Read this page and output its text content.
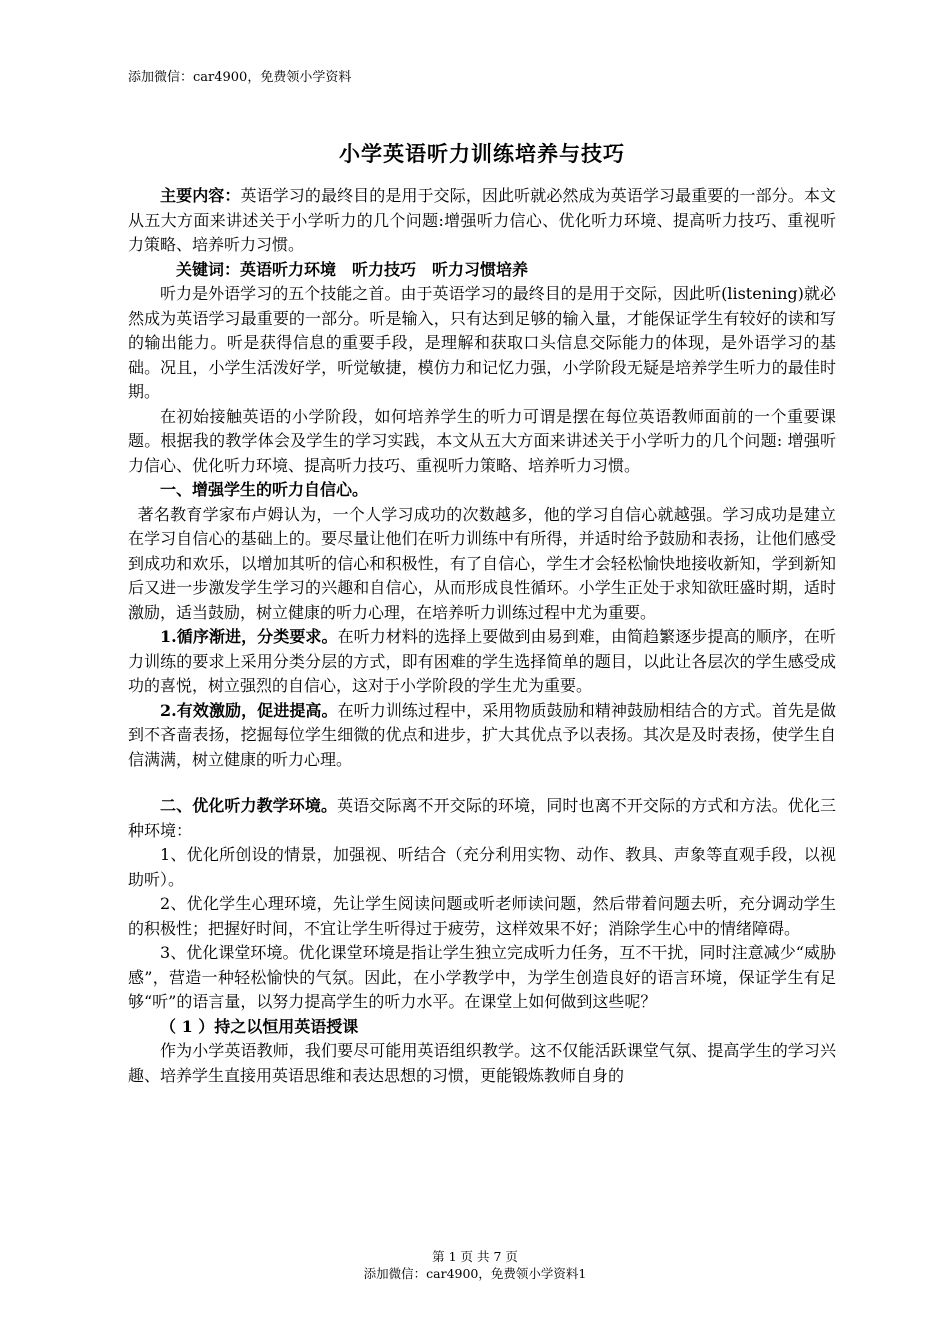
添加微信：car4900，免费领小学资料
小学英语听力训练培养与技巧

主要内容：英语学习的最终目的是用于交际，因此听就必然成为英语学习最重要的一部分。本文从五大方面来讲述关于小学听力的几个问题:增强听力信心、优化听力环境、提高听力技巧、重视听力策略、培养听力习惯。

关键词：英语听力环境　听力技巧　听力习惯培养

听力是外语学习的五个技能之首。由于英语学习的最终目的是用于交际，因此听(listening)就必然成为英语学习最重要的一部分。听是输入，只有达到足够的输入量，才能保证学生有较好的读和写的输出能力。听是获得信息的重要手段，是理解和获取口头信息交际能力的体现，是外语学习的基础。况且，小学生活泼好学，听觉敏捷，模仿力和记忆力强，小学阶段无疑是培养学生听力的最佳时期。

在初始接触英语的小学阶段，如何培养学生的听力可谓是摆在每位英语教师面前的一个重要课题。根据我的教学体会及学生的学习实践，本文从五大方面来讲述关于小学听力的几个问题: 增强听力信心、优化听力环境、提高听力技巧、重视听力策略、培养听力习惯。

一、增强学生的听力自信心。

著名教育学家布卢姆认为，一个人学习成功的次数越多，他的学习自信心就越强。学习成功是建立在学习自信心的基础上的。要尽量让他们在听力训练中有所得，并适时给予鼓励和表扬，让他们感受到成功和欢乐，以增加其听的信心和积极性，有了自信心，学生才会轻松愉快地接收新知，学到新知后又进一步激发学生学习的兴趣和自信心，从而形成良性循环。小学生正处于求知欲旺盛时期，适时激励，适当鼓励，树立健康的听力心理，在培养听力训练过程中尤为重要。

1.循序渐进，分类要求。在听力材料的选择上要做到由易到难，由简趋繁逐步提高的顺序，在听力训练的要求上采用分类分层的方式，即有困难的学生选择简单的题目，以此让各层次的学生感受成功的喜悦，树立强烈的自信心，这对于小学阶段的学生尤为重要。

2.有效激励，促进提高。在听力训练过程中，采用物质鼓励和精神鼓励相结合的方式。首先是做到不吝啬表扬，挖掘每位学生细微的优点和进步，扩大其优点予以表扬。其次是及时表扬，使学生自信满满，树立健康的听力心理。

二、优化听力教学环境。英语交际离不开交际的环境，同时也离不开交际的方式和方法。优化三种环境：

1、优化所创设的情景，加强视、听结合（充分利用实物、动作、教具、声象等直观手段，以视助听）。

2、优化学生心理环境，先让学生阅读问题或听老师读问题，然后带着问题去听，充分调动学生的积极性；把握好时间，不宜让学生听得过于疲劳，这样效果不好；消除学生心中的情绪障碍。

3、优化课堂环境。优化课堂环境是指让学生独立完成听力任务，互不干扰，同时注意减少“威胁感”，营造一种轻松愉快的气氛。因此，在小学教学中，为学生创造良好的语言环境，保证学生有足够“听”的语言量，以努力提高学生的听力水平。在课堂上如何做到这些呢？

（ 1 ）持之以恒用英语授课

作为小学英语教师，我们要尽可能用英语组织教学。这不仅能活跃课堂气氛、提高学生的学习兴趣、培养学生直接用英语思维和表达思想的习惯，更能锻炼教师自身的

第 1 页 共 7 页
添加微信：car4900，免费领小学资料1
